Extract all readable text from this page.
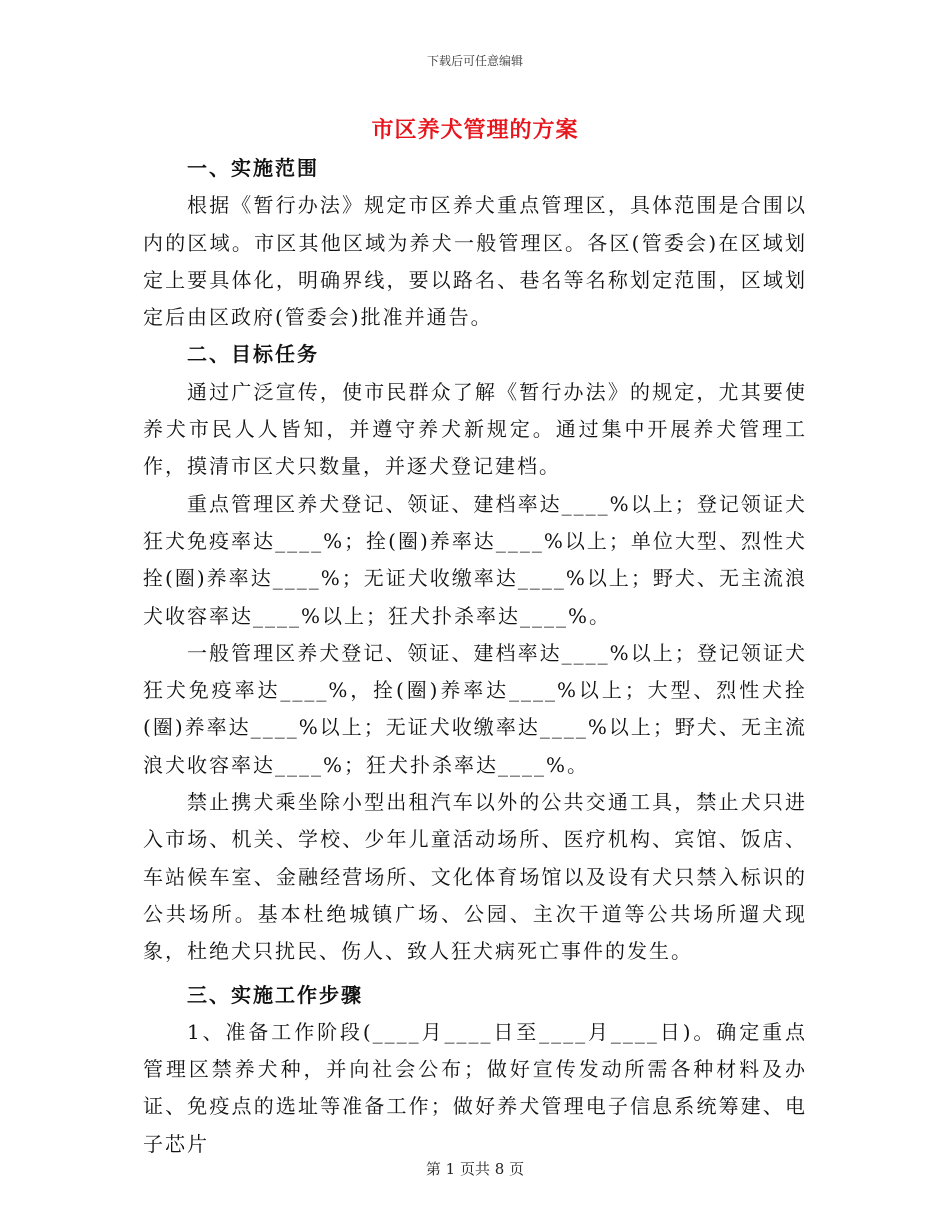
下载后可任意编辑
市区养犬管理的方案
一、实施范围

根据《暂行办法》规定市区养犬重点管理区，具体范围是合围以内的区域。市区其他区域为养犬一般管理区。各区(管委会)在区域划定上要具体化，明确界线，要以路名、巷名等名称划定范围，区域划定后由区政府(管委会)批准并通告。

二、目标任务

通过广泛宣传，使市民群众了解《暂行办法》的规定，尤其要使养犬市民人人皆知，并遵守养犬新规定。通过集中开展养犬管理工作，摸清市区犬只数量，并逐犬登记建档。

重点管理区养犬登记、领证、建档率达____%以上；登记领证犬狂犬免疫率达____%；拴(圈)养率达____%以上；单位大型、烈性犬拴(圈)养率达____%；无证犬收缴率达____%以上；野犬、无主流浪犬收容率达____%以上；狂犬扑杀率达____%。

一般管理区养犬登记、领证、建档率达____%以上；登记领证犬狂犬免疫率达____%，拴(圈)养率达____%以上；大型、烈性犬拴(圈)养率达____%以上；无证犬收缴率达____%以上；野犬、无主流浪犬收容率达____%；狂犬扑杀率达____%。

禁止携犬乘坐除小型出租汽车以外的公共交通工具，禁止犬只进入市场、机关、学校、少年儿童活动场所、医疗机构、宾馆、饭店、车站候车室、金融经营场所、文化体育场馆以及设有犬只禁入标识的公共场所。基本杜绝城镇广场、公园、主次干道等公共场所遛犬现象，杜绝犬只扰民、伤人、致人狂犬病死亡事件的发生。

三、实施工作步骤

1、准备工作阶段(____月____日至____月____日)。确定重点管理区禁养犬种，并向社会公布；做好宣传发动所需各种材料及办证、免疫点的选址等准备工作；做好养犬管理电子信息系统筹建、电子芯片

第 1 页共 8 页
